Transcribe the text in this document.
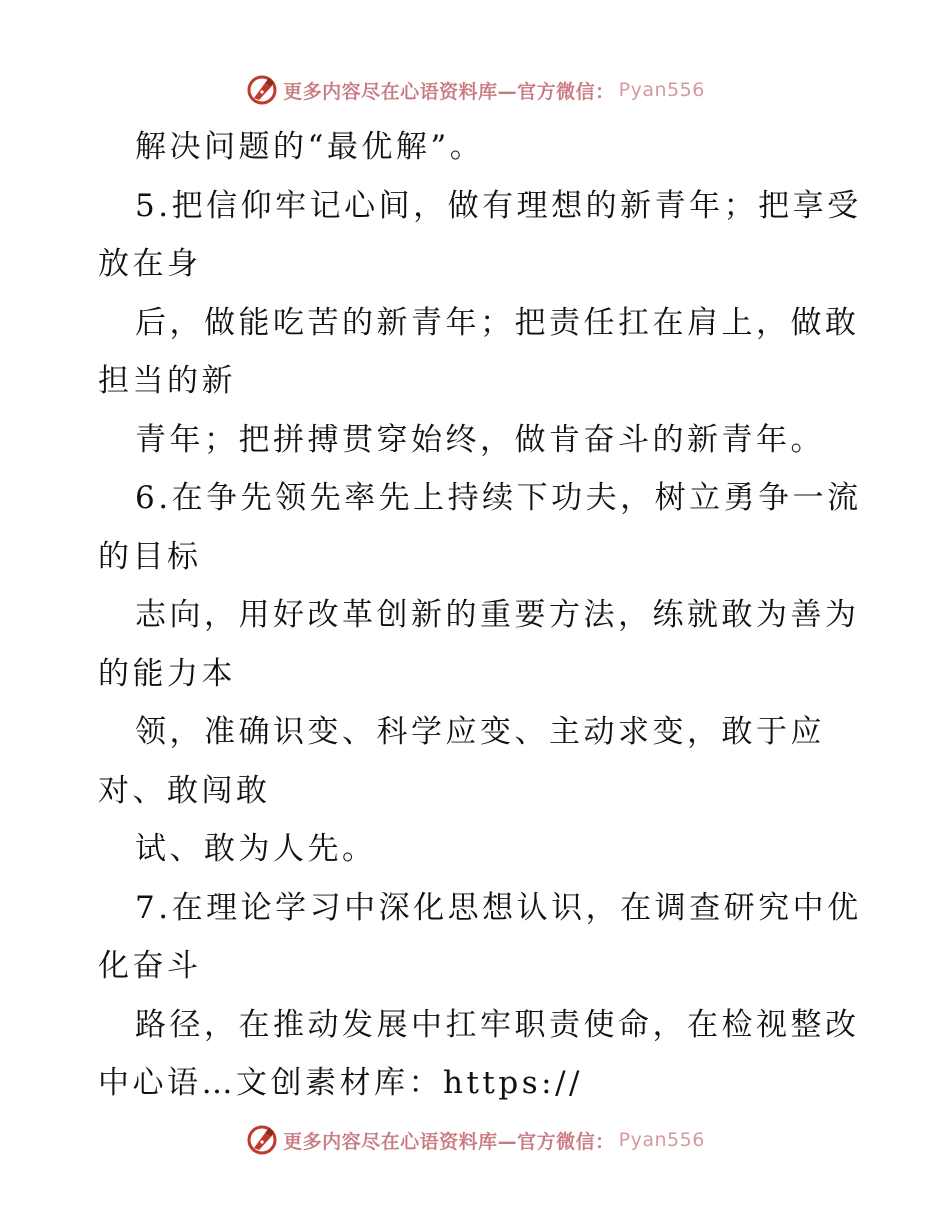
更多内容尽在心语资料库—官方微信： Pyan556
解决问题的“最优解”。
5.把信仰牢记心间，做有理想的新青年；把享受
放在身
后，做能吃苦的新青年；把责任扛在肩上，做敢
担当的新
青年；把拼搏贯穿始终，做肯奋斗的新青年。
6.在争先领先率先上持续下功夫，树立勇争一流
的目标
志向，用好改革创新的重要方法，练就敢为善为
的能力本
领，准确识变、科学应变、主动求变，敢于应
对、敢闯敢
试、敢为人先。
7.在理论学习中深化思想认识，在调查研究中优
化奋斗
路径，在推动发展中扛牢职责使命，在检视整改
中心语…文创素材库：https://
更多内容尽在心语资料库—官方微信： Pyan556
